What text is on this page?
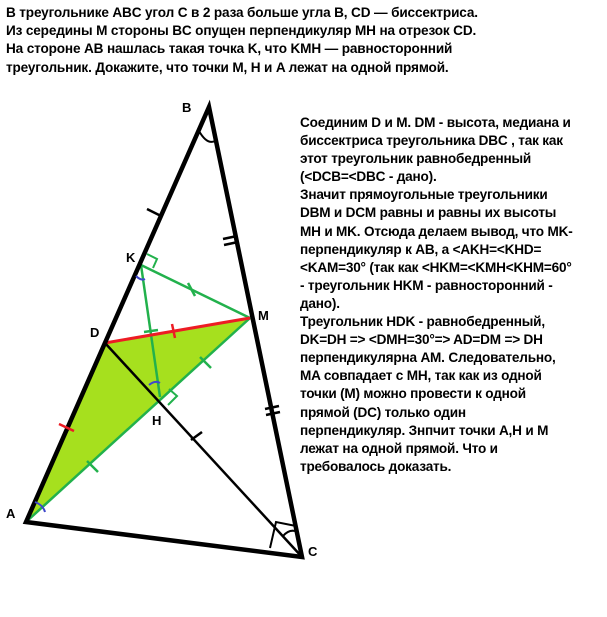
В треугольнике ABC угол C в 2 раза больше угла B, CD — биссектриса.
Из середины M стороны BC опущен перпендикуляр MH на отрезок CD.
На стороне AB нашлась такая точка K, что KMH — равносторонний
треугольник. Докажите, что точки M, H и A лежат на одной прямой.
Соединим D и M. DM - высота, медиана и
биссектриса треугольника DBC , так как
этот треугольник равнобедренный
(<DCB=<DBC - дано).
Значит прямоугольные треугольники
DBM и DCM равны и равны их высоты
MH и MK. Отсюда делаем вывод, что MK-
перпендикуляр к AB, а <AKH=<KHD=
<KAM=30° (так как <HKM=<KMH<KHM=60°
- треугольник HKM - равносторонний -
дано).
Треугольник HDK - равнобедренный,
DK=DH => <DMH=30°=> AD=DM => DH
перпендикулярна AM. Следовательно,
MA совпадает с MH, так как из одной
точки (M) можно провести к одной
прямой (DC) только один
перпендикуляр. Знпчит точки A,H и M
лежат на одной прямой. Что и
требовалось доказать.
A
B
C
D
K
M
H
